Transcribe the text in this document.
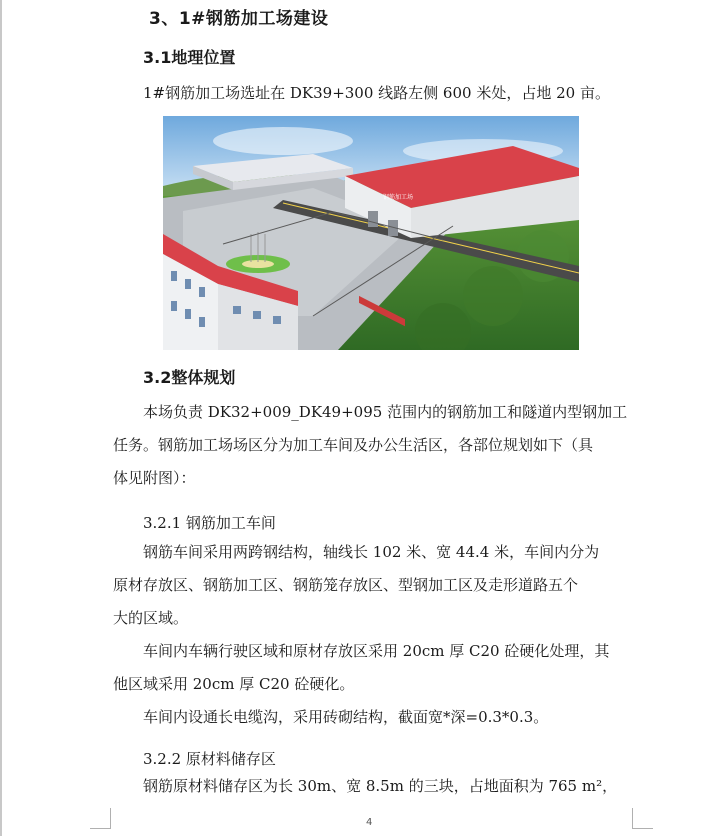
3、1#钢筋加工场建设
3.1地理位置
1#钢筋加工场选址在 DK39+300 线路左侧 600 米处，占地 20 亩。
钢筋加工场
3.2整体规划
本场负责 DK32+009_DK49+095 范围内的钢筋加工和隧道内型钢加工
任务。钢筋加工场场区分为加工车间及办公生活区，各部位规划如下（具
体见附图）：
3.2.1 钢筋加工车间
钢筋车间采用两跨钢结构，轴线长 102 米、宽 44.4 米，车间内分为
原材存放区、钢筋加工区、钢筋笼存放区、型钢加工区及走形道路五个
大的区域。
车间内车辆行驶区域和原材存放区采用 20cm 厚 C20 砼硬化处理，其
他区域采用 20cm 厚 C20 砼硬化。
车间内设通长电缆沟，采用砖砌结构，截面宽*深=0.3*0.3。
3.2.2 原材料储存区
钢筋原材料储存区为长 30m、宽 8.5m 的三块，占地面积为 765 m²，
4
